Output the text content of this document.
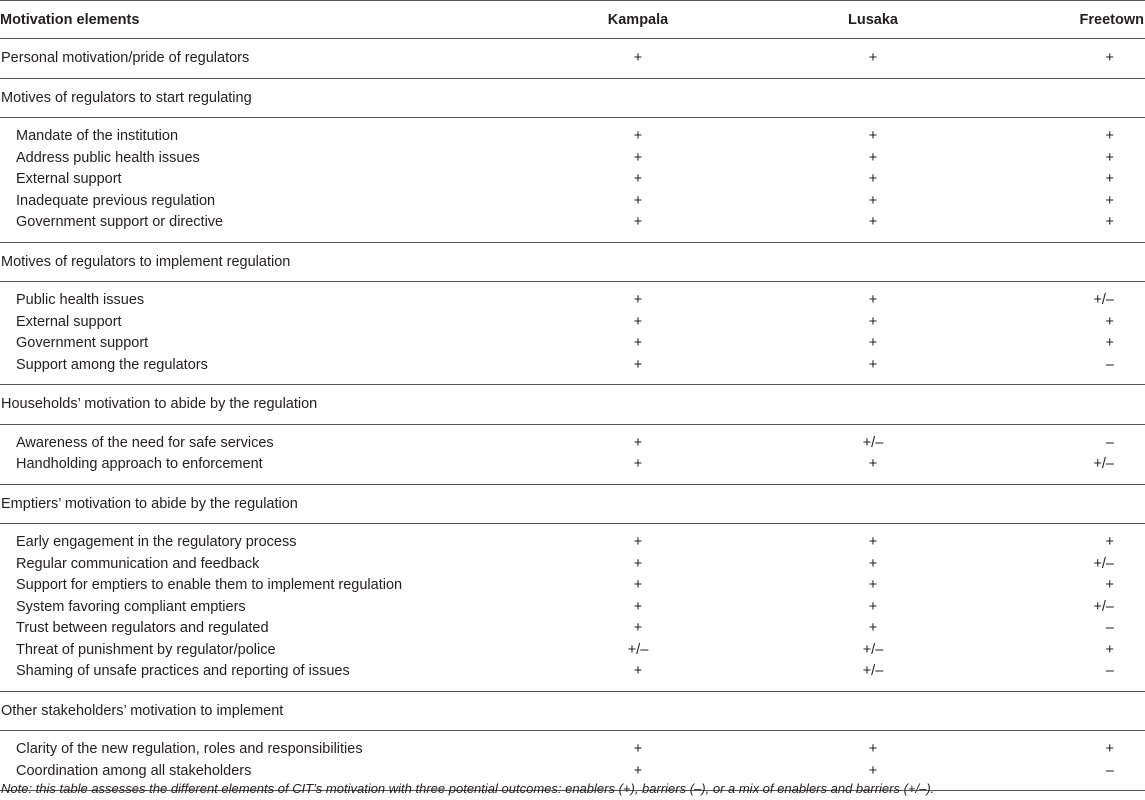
Motivation elements	Kampala	Lusaka	Freetown
Personal motivation/pride of regulators	+	+	+
Motives of regulators to start regulating			
Mandate of the institution	+	+	+
Address public health issues	+	+	+
External support	+	+	+
Inadequate previous regulation	+	+	+
Government support or directive	+	+	+
Motives of regulators to implement regulation			
Public health issues	+	+	+/–
External support	+	+	+
Government support	+	+	+
Support among the regulators	+	+	–
Households’ motivation to abide by the regulation			
Awareness of the need for safe services	+	+/–	–
Handholding approach to enforcement	+	+	+/–
Emptiers’ motivation to abide by the regulation			
Early engagement in the regulatory process	+	+	+
Regular communication and feedback	+	+	+/–
Support for emptiers to enable them to implement regulation	+	+	+
System favoring compliant emptiers	+	+	+/–
Trust between regulators and regulated	+	+	–
Threat of punishment by regulator/police	+/–	+/–	+
Shaming of unsafe practices and reporting of issues	+	+/–	–
Other stakeholders’ motivation to implement			
Clarity of the new regulation, roles and responsibilities	+	+	+
Coordination among all stakeholders	+	+	–
Note: this table assesses the different elements of CIT’s motivation with three potential outcomes: enablers (+), barriers (–), or a mix of enablers and barriers (+/–).
